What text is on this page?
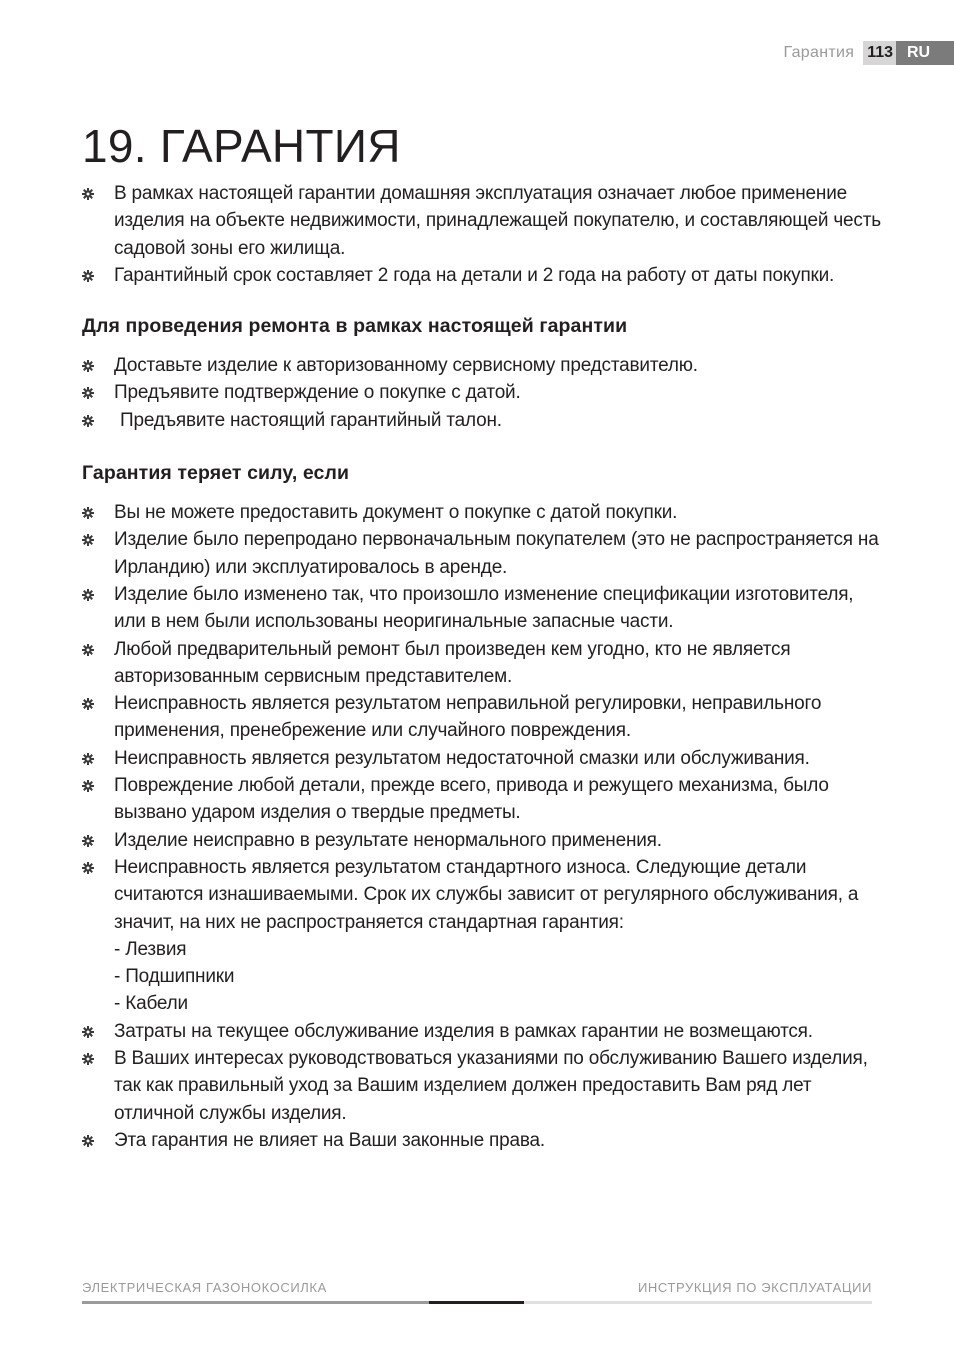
Гарантия 113 RU
19. ГАРАНТИЯ
В рамках настоящей гарантии домашняя эксплуатация означает любое применение изделия на объекте недвижимости, принадлежащей покупателю, и составляющей честь садовой зоны его жилища.
Гарантийный срок составляет 2 года на детали и 2 года на работу от даты покупки.
Для проведения ремонта в рамках настоящей гарантии
Доставьте изделие к авторизованному сервисному представителю.
Предъявите подтверждение о покупке с датой.
Предъявите настоящий гарантийный талон.
Гарантия теряет силу, если
Вы не можете предоставить документ о покупке с датой покупки.
Изделие было перепродано первоначальным покупателем (это не распространяется на Ирландию) или эксплуатировалось в аренде.
Изделие было изменено так, что произошло изменение спецификации изготовителя, или в нем были использованы неоригинальные запасные части.
Любой предварительный ремонт был произведен кем угодно, кто не является авторизованным сервисным представителем.
Неисправность является результатом неправильной регулировки, неправильного применения, пренебрежение или случайного повреждения.
Неисправность является результатом недостаточной смазки или обслуживания.
Повреждение любой детали, прежде всего, привода и режущего механизма, было вызвано ударом изделия о твердые предметы.
Изделие неисправно в результате ненормального применения.
Неисправность является результатом стандартного износа. Следующие детали считаются изнашиваемыми. Срок их службы зависит от регулярного обслуживания, а значит, на них не распространяется стандартная гарантия:
- Лезвия
- Подшипники
- Кабели
Затраты на текущее обслуживание изделия в рамках гарантии не возмещаются.
В Ваших интересах руководствоваться указаниями по обслуживанию Вашего изделия, так как правильный уход за Вашим изделием должен предоставить Вам ряд лет отличной службы изделия.
Эта гарантия не влияет на Ваши законные права.
ЭЛЕКТРИЧЕСКАЯ ГАЗОНОКОСИЛКА	ИНСТРУКЦИЯ ПО ЭКСПЛУАТАЦИИ
